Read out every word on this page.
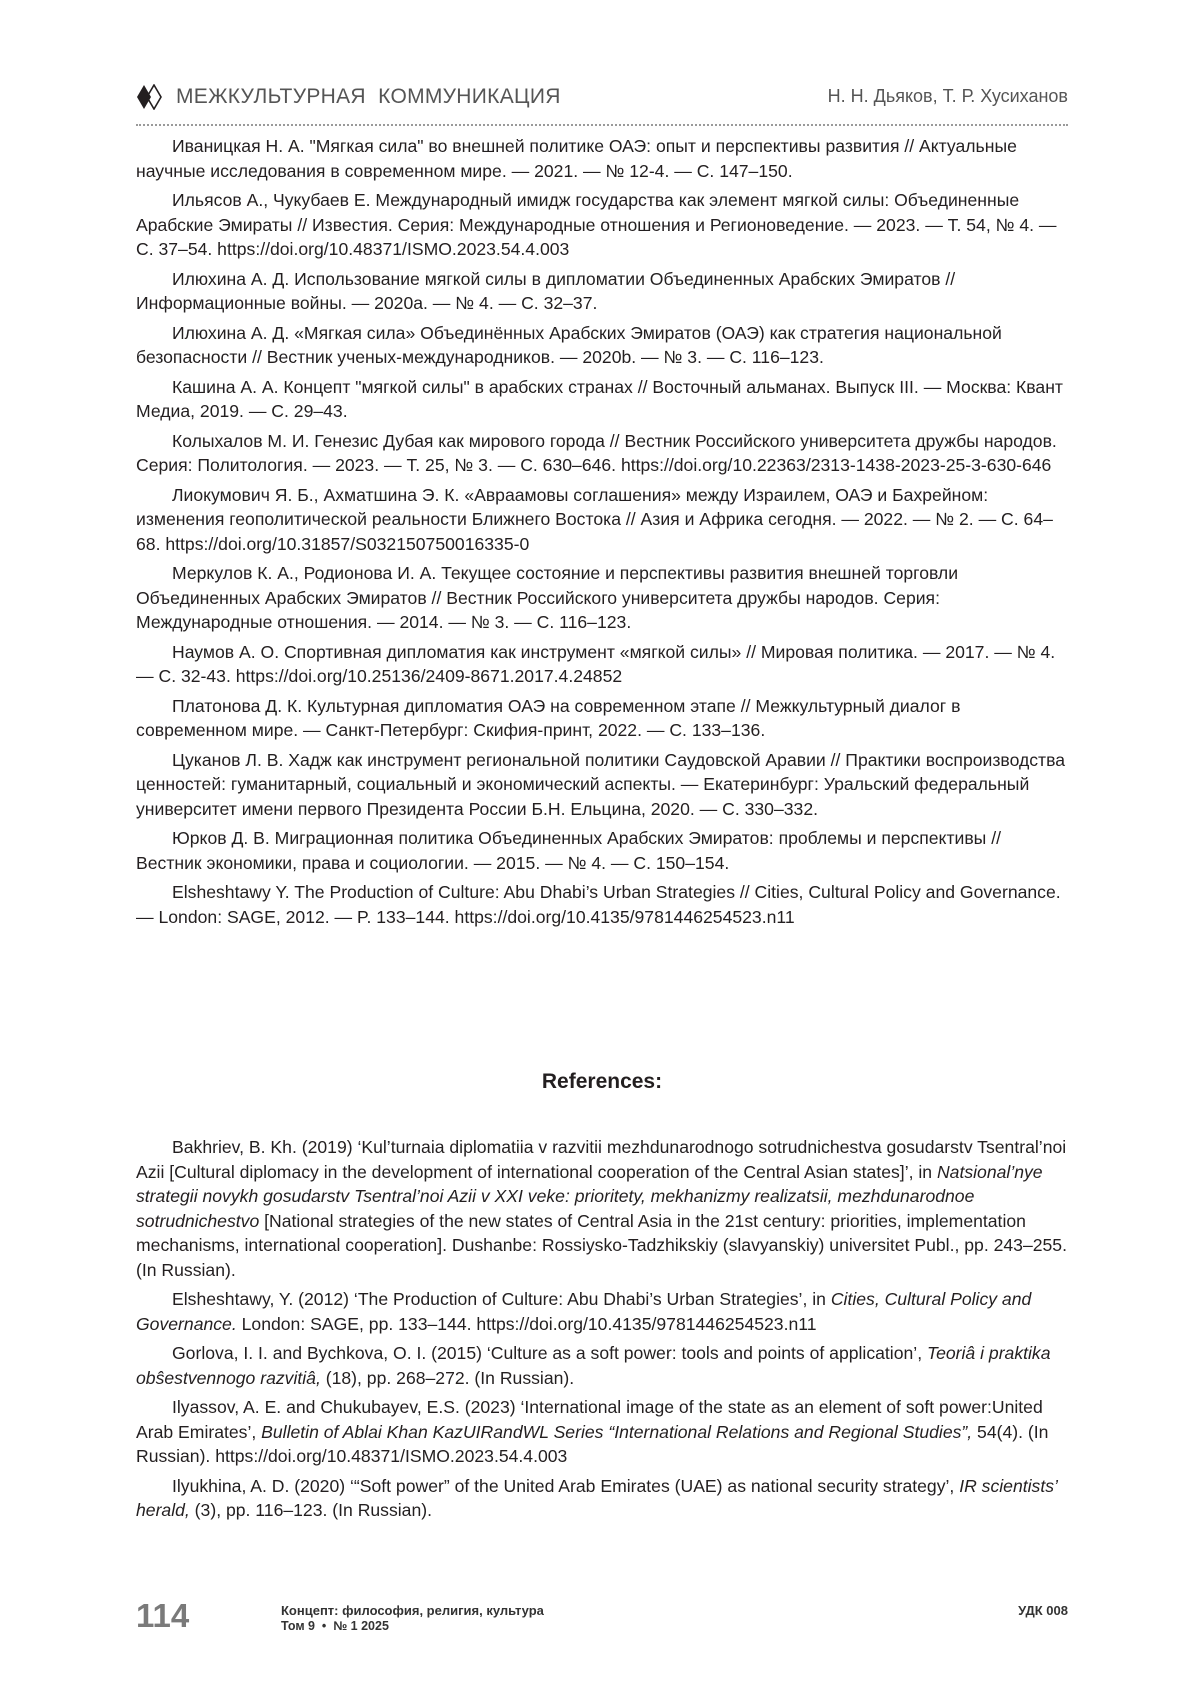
МЕЖКУЛЬТУРНАЯ  КОММУНИКАЦИЯ	Н. Н. Дьяков, Т. Р. Хусиханов

Иваницкая Н. А. "Мягкая сила" во внешней политике ОАЭ: опыт и перспективы развития // Актуальные научные исследования в современном мире. — 2021. — № 12-4. — С. 147–150.

Ильясов А., Чукубаев Е. Международный имидж государства как элемент мягкой силы: Объединенные Арабские Эмираты // Известия. Серия: Международные отношения и Регионоведение. — 2023. — Т. 54, № 4. — С. 37–54. https://doi.org/10.48371/ISMO.2023.54.4.003

Илюхина А. Д. Использование мягкой силы в дипломатии Объединенных Арабских Эмиратов // Информационные войны. — 2020а. — № 4. — С. 32–37.

Илюхина А. Д. «Мягкая сила» Объединённых Арабских Эмиратов (ОАЭ) как стратегия национальной безопасности // Вестник ученых-международников. — 2020b. — № 3. — С. 116–123.

Кашина А. А. Концепт "мягкой силы" в арабских странах // Восточный альманах. Выпуск III. — Москва: Квант Медиа, 2019. — С. 29–43.

Колыхалов М. И. Генезис Дубая как мирового города // Вестник Российского университета дружбы народов. Серия: Политология. — 2023. — Т. 25, № 3. — С. 630–646. https://doi.org/10.22363/2313-1438-2023-25-3-630-646

Лиокумович Я. Б., Ахматшина Э. К. «Авраамовы соглашения» между Израилем, ОАЭ и Бахрейном: изменения геополитической реальности Ближнего Востока // Азия и Африка сегодня. — 2022. — № 2. — С. 64–68. https://doi.org/10.31857/S032150750016335-0

Меркулов К. А., Родионова И. А. Текущее состояние и перспективы развития внешней торговли Объединенных Арабских Эмиратов // Вестник Российского университета дружбы народов. Серия: Международные отношения. — 2014. — № 3. — С. 116–123.

Наумов А. О. Спортивная дипломатия как инструмент «мягкой силы» // Мировая политика. — 2017. — № 4. — С. 32-43. https://doi.org/10.25136/2409-8671.2017.4.24852

Платонова Д. К. Культурная дипломатия ОАЭ на современном этапе // Межкультурный диалог в современном мире. — Санкт-Петербург: Скифия-принт, 2022. — С. 133–136.

Цуканов Л. В. Хадж как инструмент региональной политики Саудовской Аравии // Практики воспроизводства ценностей: гуманитарный, социальный и экономический аспекты. — Екатеринбург: Уральский федеральный университет имени первого Президента России Б.Н. Ельцина, 2020. — С. 330–332.

Юрков Д. В. Миграционная политика Объединенных Арабских Эмиратов: проблемы и перспективы // Вестник экономики, права и социологии. — 2015. — № 4. — С. 150–154.

Elsheshtawy Y. The Production of Culture: Abu Dhabi’s Urban Strategies // Cities, Cultural Policy and Governance. — London: SAGE, 2012. — P. 133–144. https://doi.org/10.4135/9781446254523.n11

References:

Bakhriev, B. Kh. (2019) ‘Kul’turnaia diplomatiia v razvitii mezhdunarodnogo sotrudnichestva gosudarstv Tsentral’noi Azii [Cultural diplomacy in the development of international cooperation of the Central Asian states]’, in Natsional’nye strategii novykh gosudarstv Tsentral’noi Azii v XXI veke: prioritety, mekhanizmy realizatsii, mezhdunarodnoe sotrudnichestvo [National strategies of the new states of Central Asia in the 21st century: priorities, implementation mechanisms, international cooperation]. Dushanbe: Rossiysko-Tadzhikskiy (slavyanskiy) universitet Publ., pp. 243–255. (In Russian).

Elsheshtawy, Y. (2012) ‘The Production of Culture: Abu Dhabi’s Urban Strategies’, in Cities, Cultural Policy and Governance. London: SAGE, pp. 133–144. https://doi.org/10.4135/9781446254523.n11

Gorlova, I. I. and Bychkova, O. I. (2015) ‘Culture as a soft power: tools and points of application’, Teoriâ i praktika obŝestvennogo razvitiâ, (18), pp. 268–272. (In Russian).

Ilyassov, A. E. and Chukubayev, E.S. (2023) ‘International image of the state as an element of soft power:United Arab Emirates’, Bulletin of Ablai Khan KazUIRandWL Series “International Relations and Regional Studies”, 54(4). (In Russian). https://doi.org/10.48371/ISMO.2023.54.4.003

Ilyukhina, A. D. (2020) ‘“Soft power” of the United Arab Emirates (UAE) as national security strategy’, IR scientists’ herald, (3), pp. 116–123. (In Russian).

114	Концепт: философия, религия, культура
Том 9  •  № 1 2025
УДК 008
